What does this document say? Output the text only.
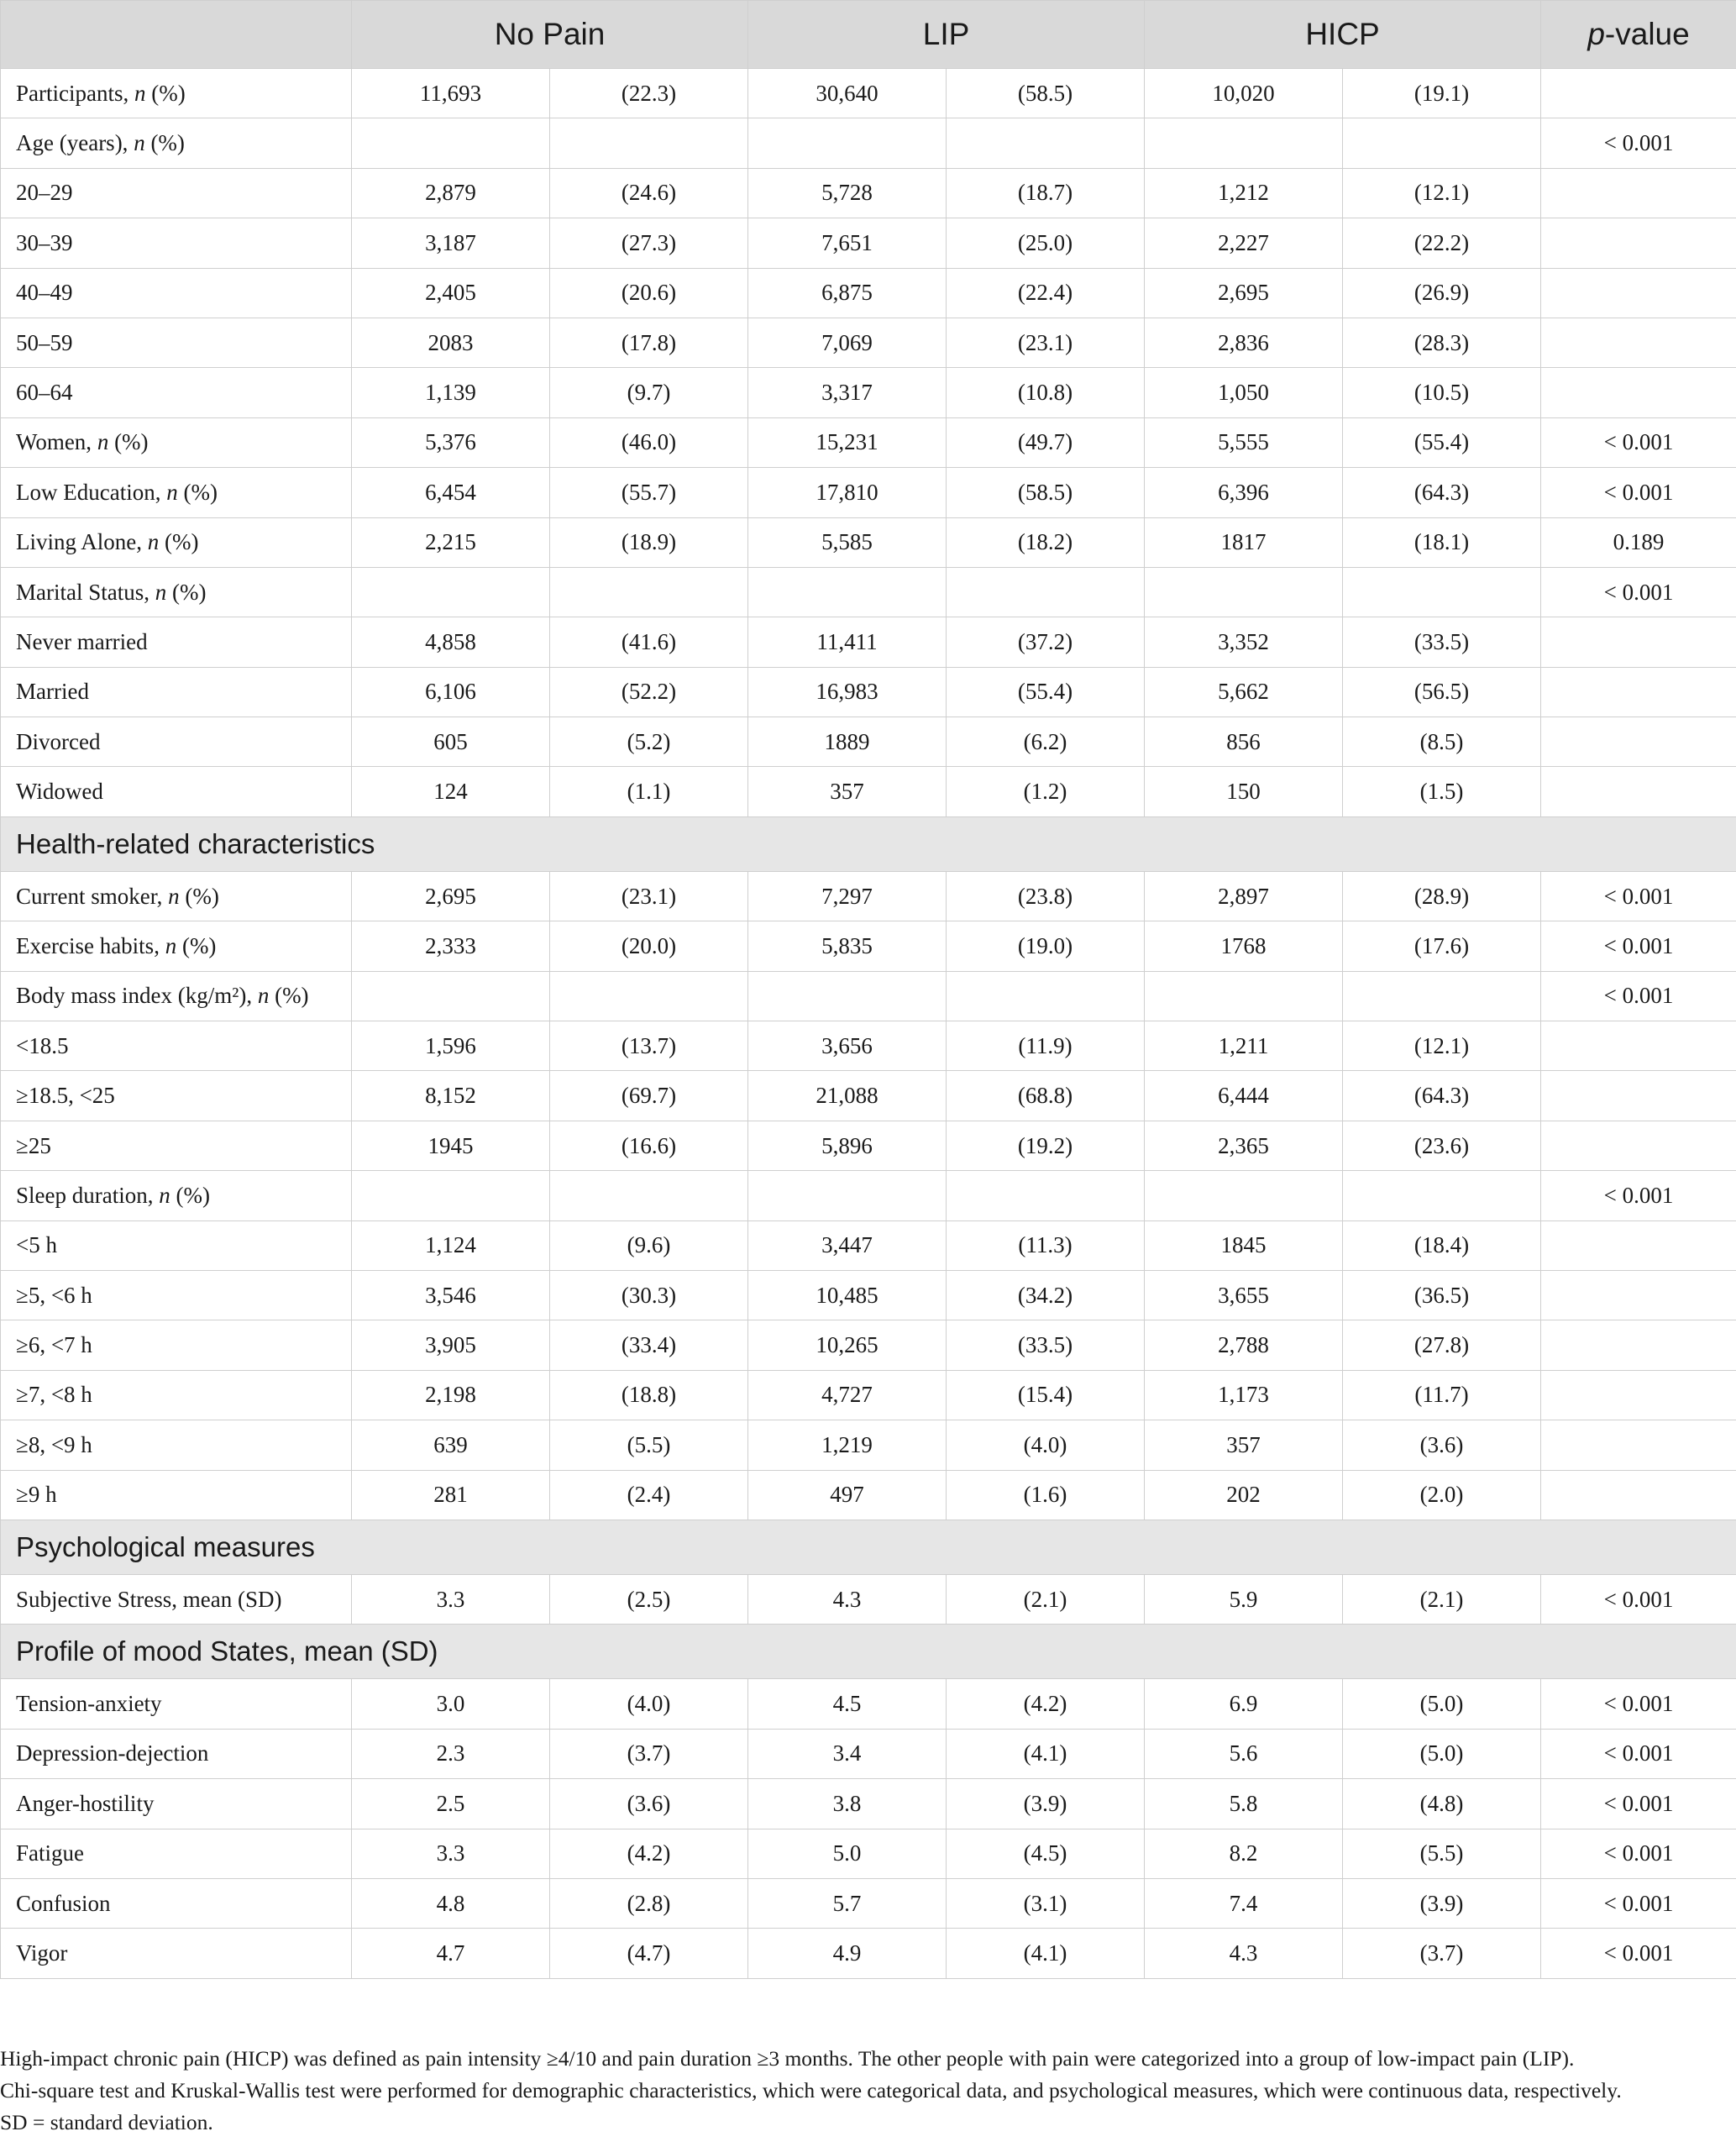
	No Pain		LIP		HICP		p-value
Participants, n (%)	11,693	(22.3)	30,640	(58.5)	10,020	(19.1)	
Age (years), n (%)							< 0.001
20–29	2,879	(24.6)	5,728	(18.7)	1,212	(12.1)	
30–39	3,187	(27.3)	7,651	(25.0)	2,227	(22.2)	
40–49	2,405	(20.6)	6,875	(22.4)	2,695	(26.9)	
50–59	2083	(17.8)	7,069	(23.1)	2,836	(28.3)	
60–64	1,139	(9.7)	3,317	(10.8)	1,050	(10.5)	
Women, n (%)	5,376	(46.0)	15,231	(49.7)	5,555	(55.4)	< 0.001
Low Education, n (%)	6,454	(55.7)	17,810	(58.5)	6,396	(64.3)	< 0.001
Living Alone, n (%)	2,215	(18.9)	5,585	(18.2)	1817	(18.1)	0.189
Marital Status, n (%)							< 0.001
Never married	4,858	(41.6)	11,411	(37.2)	3,352	(33.5)	
Married	6,106	(52.2)	16,983	(55.4)	5,662	(56.5)	
Divorced	605	(5.2)	1889	(6.2)	856	(8.5)	
Widowed	124	(1.1)	357	(1.2)	150	(1.5)	
Health-related characteristics							
Current smoker, n (%)	2,695	(23.1)	7,297	(23.8)	2,897	(28.9)	< 0.001
Exercise habits, n (%)	2,333	(20.0)	5,835	(19.0)	1768	(17.6)	< 0.001
Body mass index (kg/m²), n (%)							< 0.001
<18.5	1,596	(13.7)	3,656	(11.9)	1,211	(12.1)	
≥18.5, <25	8,152	(69.7)	21,088	(68.8)	6,444	(64.3)	
≥25	1945	(16.6)	5,896	(19.2)	2,365	(23.6)	
Sleep duration, n (%)							< 0.001
<5 h	1,124	(9.6)	3,447	(11.3)	1845	(18.4)	
≥5, <6 h	3,546	(30.3)	10,485	(34.2)	3,655	(36.5)	
≥6, <7 h	3,905	(33.4)	10,265	(33.5)	2,788	(27.8)	
≥7, <8 h	2,198	(18.8)	4,727	(15.4)	1,173	(11.7)	
≥8, <9 h	639	(5.5)	1,219	(4.0)	357	(3.6)	
≥9 h	281	(2.4)	497	(1.6)	202	(2.0)	
Psychological measures							
Subjective Stress, mean (SD)	3.3	(2.5)	4.3	(2.1)	5.9	(2.1)	< 0.001
Profile of mood States, mean (SD)							
Tension-anxiety	3.0	(4.0)	4.5	(4.2)	6.9	(5.0)	< 0.001
Depression-dejection	2.3	(3.7)	3.4	(4.1)	5.6	(5.0)	< 0.001
Anger-hostility	2.5	(3.6)	3.8	(3.9)	5.8	(4.8)	< 0.001
Fatigue	3.3	(4.2)	5.0	(4.5)	8.2	(5.5)	< 0.001
Confusion	4.8	(2.8)	5.7	(3.1)	7.4	(3.9)	< 0.001
Vigor	4.7	(4.7)	4.9	(4.1)	4.3	(3.7)	< 0.001
High-impact chronic pain (HICP) was defined as pain intensity ≥4/10 and pain duration ≥3 months. The other people with pain were categorized into a group of low-impact pain (LIP).
Chi-square test and Kruskal-Wallis test were performed for demographic characteristics, which were categorical data, and psychological measures, which were continuous data, respectively.
SD = standard deviation.
